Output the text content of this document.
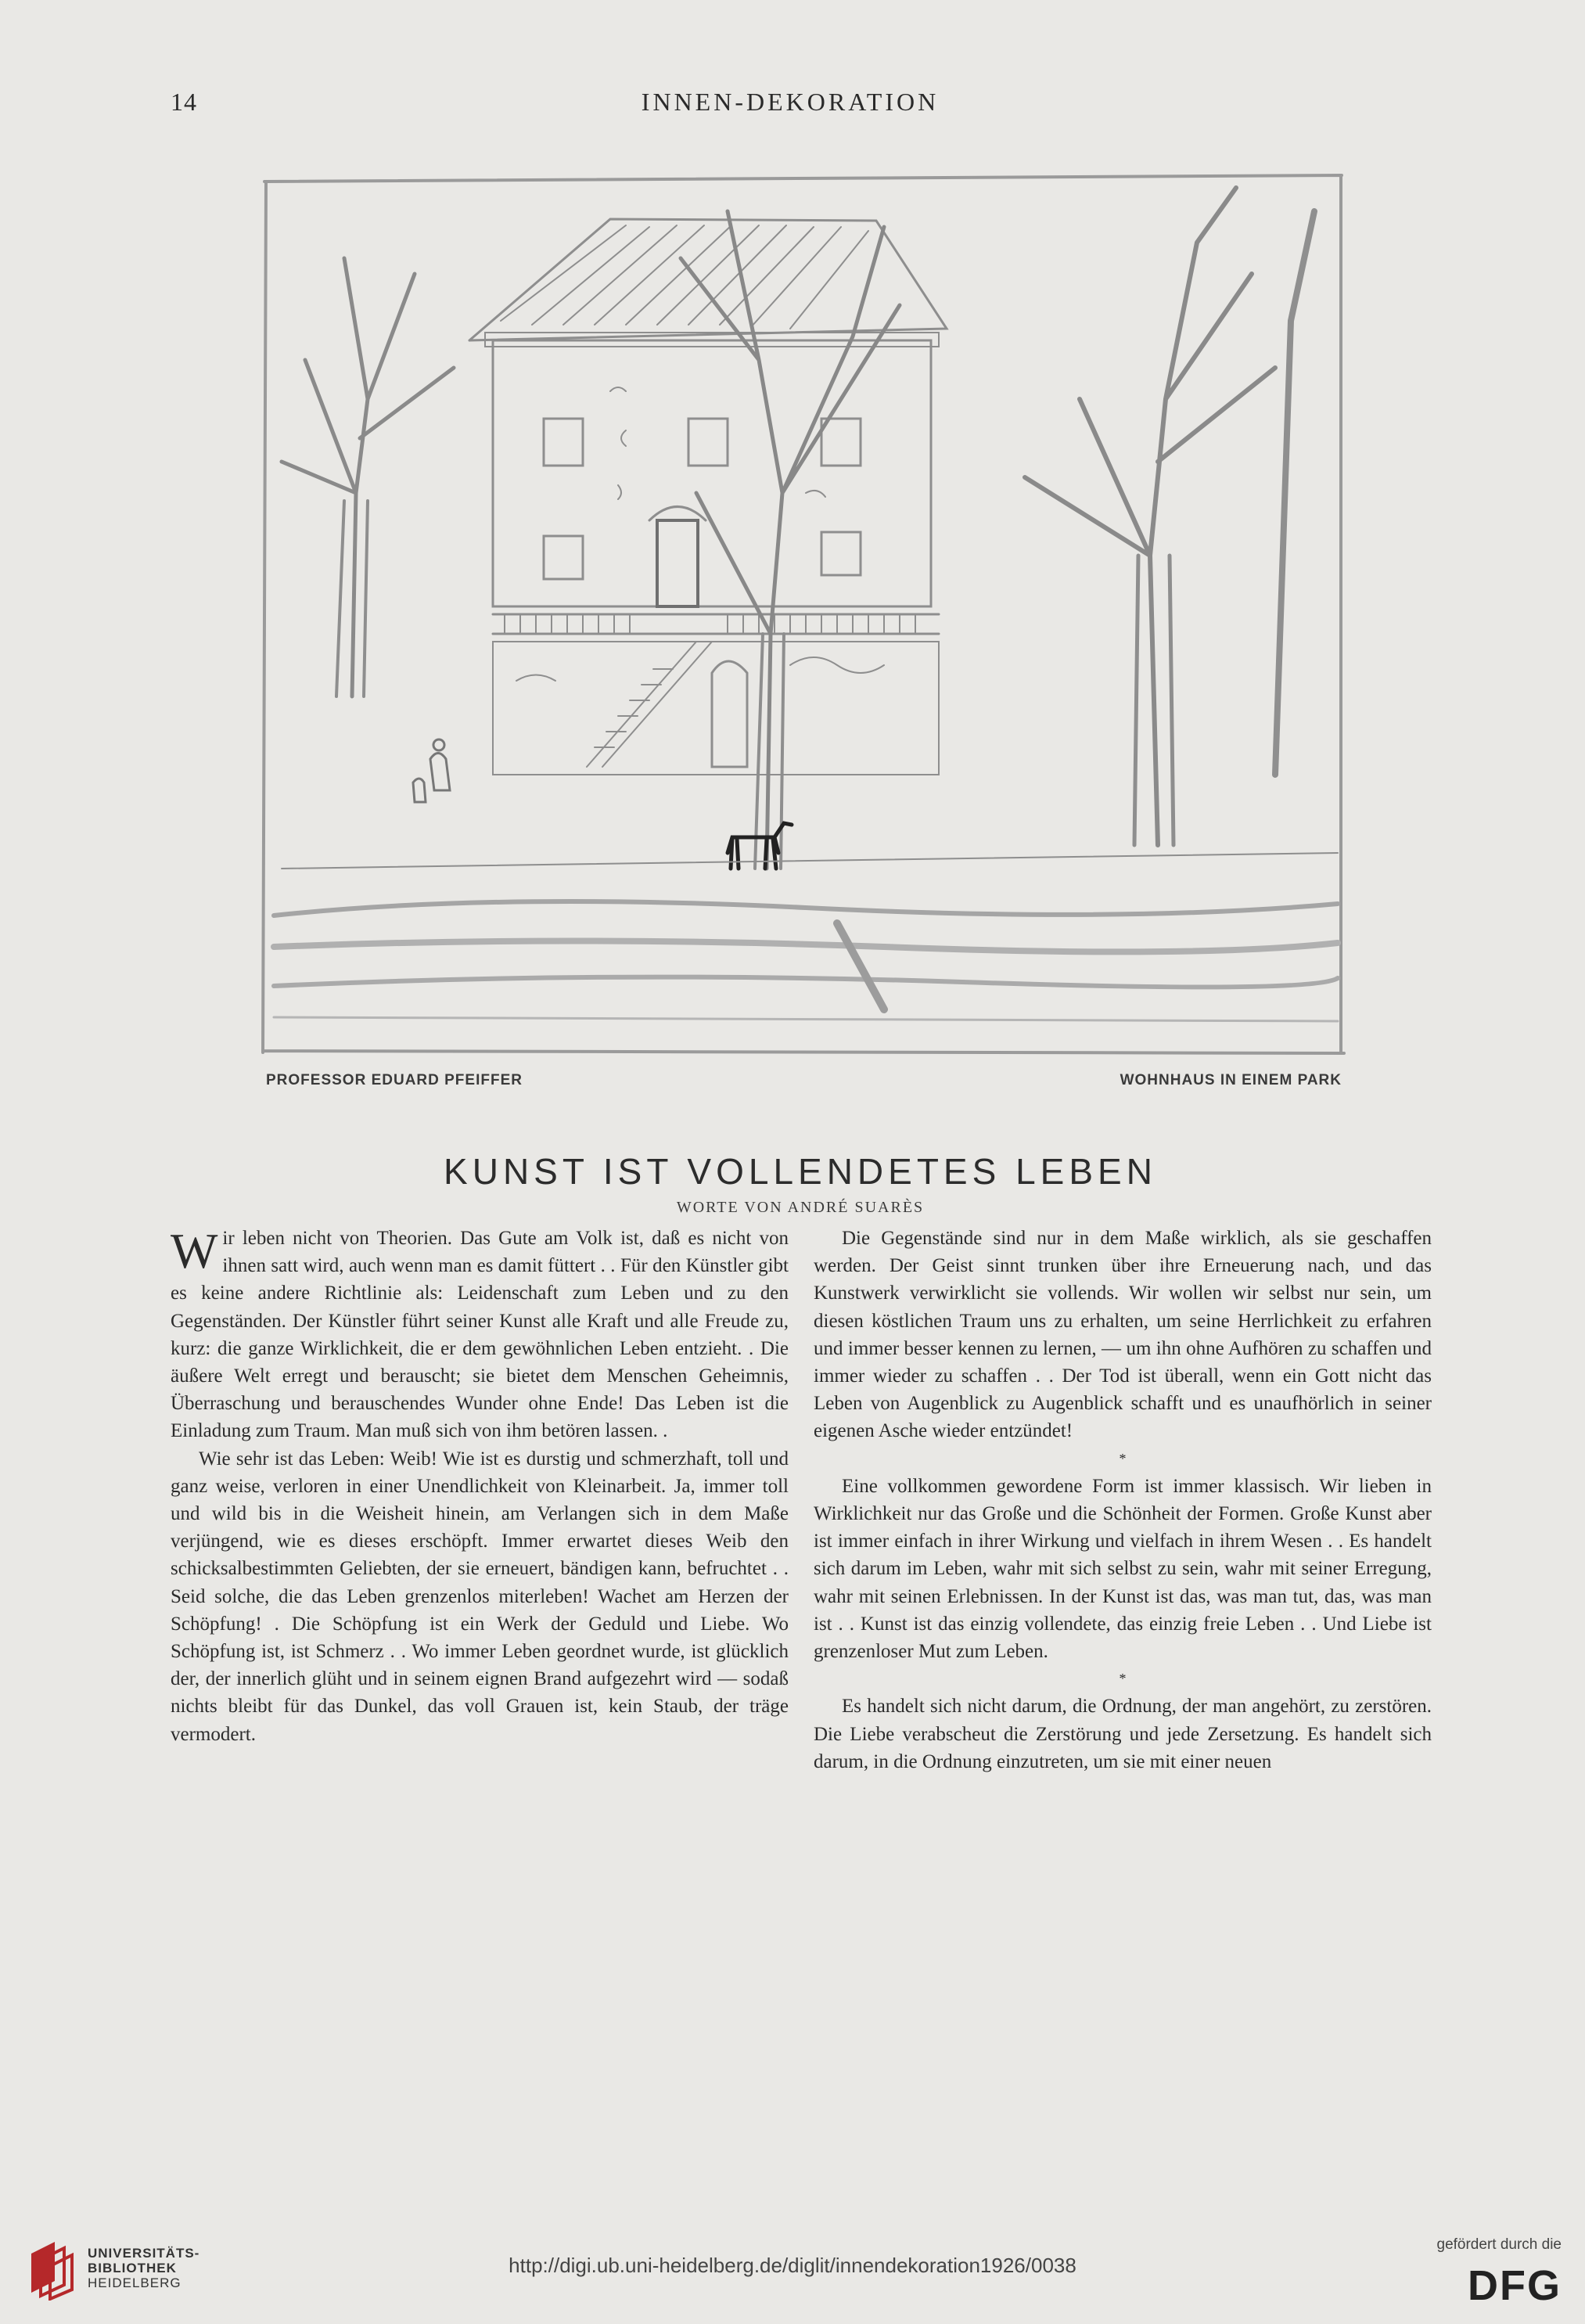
14	INNEN-DEKORATION
PROFESSOR EDUARD PFEIFFER	WOHNHAUS IN EINEM PARK
KUNST IST VOLLENDETES LEBEN
WORTE VON ANDRÉ SUARÈS

Wir leben nicht von Theorien. Das Gute am Volk ist, daß es nicht von ihnen satt wird, auch wenn man es damit füttert . . Für den Künstler gibt es keine andere Richtlinie als: Leidenschaft zum Leben und zu den Gegenständen. Der Künstler führt seiner Kunst alle Kraft und alle Freude zu, kurz: die ganze Wirklichkeit, die er dem gewöhnlichen Leben entzieht. . Die äußere Welt erregt und berauscht; sie bietet dem Menschen Geheimnis, Überraschung und berauschendes Wunder ohne Ende! Das Leben ist die Einladung zum Traum. Man muß sich von ihm betören lassen. .

Wie sehr ist das Leben: Weib! Wie ist es durstig und schmerzhaft, toll und ganz weise, verloren in einer Unendlichkeit von Kleinarbeit. Ja, immer toll und wild bis in die Weisheit hinein, am Verlangen sich in dem Maße verjüngend, wie es dieses erschöpft. Immer erwartet dieses Weib den schicksalbestimmten Geliebten, der sie erneuert, bändigen kann, befruchtet . . Seid solche, die das Leben grenzenlos miterleben! Wachet am Herzen der Schöpfung! . Die Schöpfung ist ein Werk der Geduld und Liebe. Wo Schöpfung ist, ist Schmerz . . Wo immer Leben geordnet wurde, ist glücklich der, der innerlich glüht und in seinem eignen Brand aufgezehrt wird — sodaß nichts bleibt für das Dunkel, das voll Grauen ist, kein Staub, der träge vermodert.

Die Gegenstände sind nur in dem Maße wirklich, als sie geschaffen werden. Der Geist sinnt trunken über ihre Erneuerung nach, und das Kunstwerk verwirklicht sie vollends. Wir wollen wir selbst nur sein, um diesen köstlichen Traum uns zu erhalten, um seine Herrlichkeit zu erfahren und immer besser kennen zu lernen, — um ihn ohne Aufhören zu schaffen und immer wieder zu schaffen . . Der Tod ist überall, wenn ein Gott nicht das Leben von Augenblick zu Augenblick schafft und es unaufhörlich in seiner eigenen Asche wieder entzündet!

*

Eine vollkommen gewordene Form ist immer klassisch. Wir lieben in Wirklichkeit nur das Große und die Schönheit der Formen. Große Kunst aber ist immer einfach in ihrer Wirkung und vielfach in ihrem Wesen . . Es handelt sich darum im Leben, wahr mit sich selbst zu sein, wahr mit seiner Erregung, wahr mit seinen Erlebnissen. In der Kunst ist das, was man tut, das, was man ist . . Kunst ist das einzig vollendete, das einzig freie Leben . . Und Liebe ist grenzenloser Mut zum Leben.

*

Es handelt sich nicht darum, die Ordnung, der man angehört, zu zerstören. Die Liebe verabscheut die Zerstörung und jede Zersetzung. Es handelt sich darum, in die Ordnung einzutreten, um sie mit einer neuen

UNIVERSITÄTS-
BIBLIOTHEK
HEIDELBERG
http://digi.ub.uni-heidelberg.de/diglit/innendekoration1926/0038
gefördert durch die
DFG
